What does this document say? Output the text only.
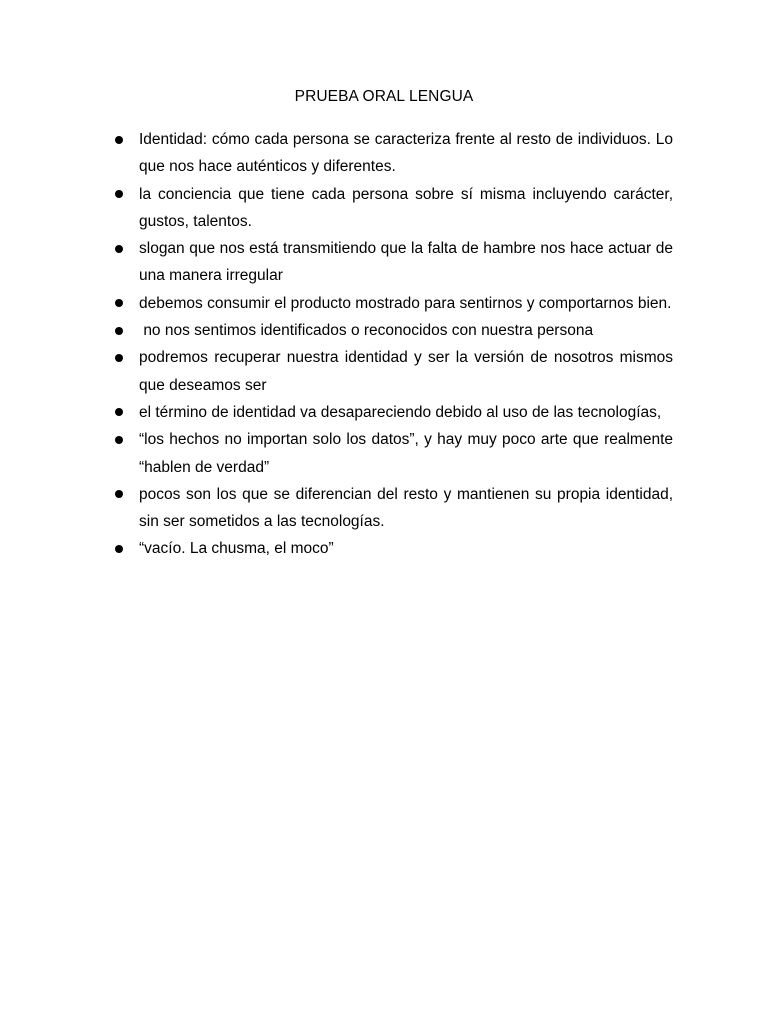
PRUEBA ORAL LENGUA
Identidad: cómo cada persona se caracteriza frente al resto de individuos. Lo que nos hace auténticos y diferentes.
la conciencia que tiene cada persona sobre sí misma incluyendo carácter, gustos, talentos.
slogan que nos está transmitiendo que la falta de hambre nos hace actuar de una manera irregular
debemos consumir el producto mostrado para sentirnos y comportarnos bien.
no nos sentimos identificados o reconocidos con nuestra persona
podremos recuperar nuestra identidad y ser la versión de nosotros mismos que deseamos ser
el término de identidad va desapareciendo debido al uso de las tecnologías,
“los hechos no importan solo los datos”, y hay muy poco arte que realmente “hablen de verdad”
pocos son los que se diferencian del resto y mantienen su propia identidad, sin ser sometidos a las tecnologías.
“vacío. La chusma, el moco”
